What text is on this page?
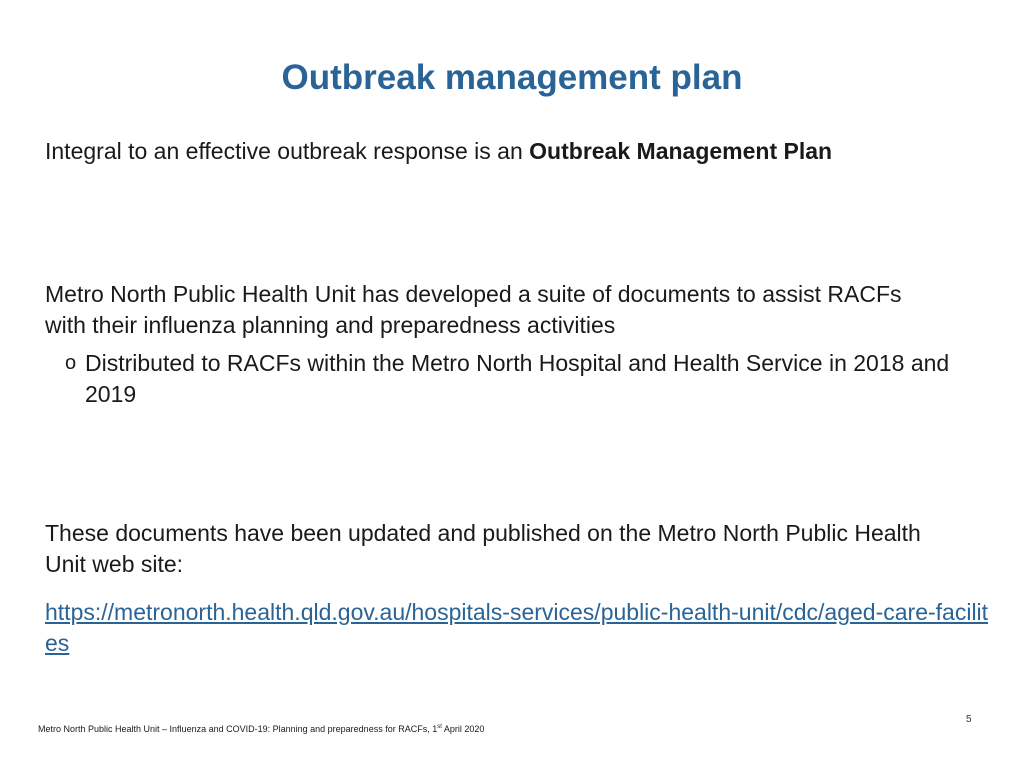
Outbreak management plan
Integral to an effective outbreak response is an Outbreak Management Plan
Metro North Public Health Unit has developed a suite of documents to assist RACFs with their influenza planning and preparedness activities
o Distributed to RACFs within the Metro North Hospital and Health Service in 2018 and 2019
These documents have been updated and published on the Metro North Public Health Unit web site:
https://metronorth.health.qld.gov.au/hospitals-services/public-health-unit/cdc/aged-care-facilites
5
Metro North Public Health Unit – Influenza and COVID-19: Planning and preparedness for RACFs, 1st April 2020
